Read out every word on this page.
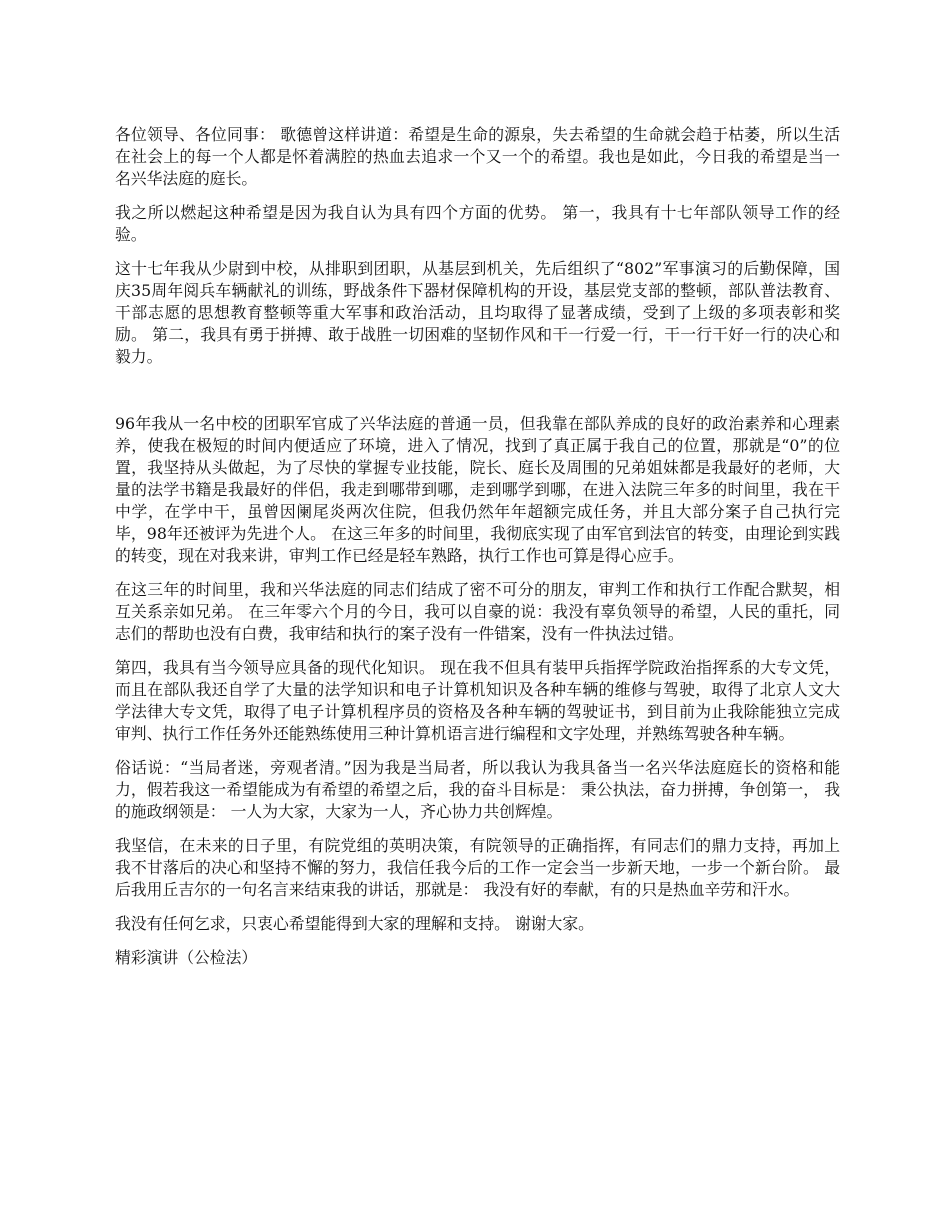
各位领导、各位同事： 歌德曾这样讲道：希望是生命的源泉，失去希望的生命就会趋于枯萎，所以生活在社会上的每一个人都是怀着满腔的热血去追求一个又一个的希望。我也是如此，今日我的希望是当一名兴华法庭的庭长。

我之所以燃起这种希望是因为我自认为具有四个方面的优势。 第一，我具有十七年部队领导工作的经验。

这十七年我从少尉到中校，从排职到团职，从基层到机关，先后组织了“802”军事演习的后勤保障，国庆35周年阅兵车辆献礼的训练，野战条件下器材保障机构的开设，基层党支部的整顿，部队普法教育、干部志愿的思想教育整顿等重大军事和政治活动，且均取得了显著成绩，受到了上级的多项表彰和奖励。 第二，我具有勇于拼搏、敢于战胜一切困难的坚韧作风和干一行爱一行，干一行干好一行的决心和毅力。

96年我从一名中校的团职军官成了兴华法庭的普通一员，但我靠在部队养成的良好的政治素养和心理素养，使我在极短的时间内便适应了环境，进入了情况，找到了真正属于我自己的位置，那就是“0”的位置，我坚持从头做起，为了尽快的掌握专业技能，院长、庭长及周围的兄弟姐妹都是我最好的老师，大量的法学书籍是我最好的伴侣，我走到哪带到哪，走到哪学到哪，在进入法院三年多的时间里，我在干中学，在学中干，虽曾因阑尾炎两次住院，但我仍然年年超额完成任务，并且大部分案子自己执行完毕，98年还被评为先进个人。 在这三年多的时间里，我彻底实现了由军官到法官的转变，由理论到实践的转变，现在对我来讲，审判工作已经是轻车熟路，执行工作也可算是得心应手。

在这三年的时间里，我和兴华法庭的同志们结成了密不可分的朋友，审判工作和执行工作配合默契，相互关系亲如兄弟。 在三年零六个月的今日，我可以自豪的说：我没有辜负领导的希望，人民的重托，同志们的帮助也没有白费，我审结和执行的案子没有一件错案，没有一件执法过错。

第四，我具有当今领导应具备的现代化知识。 现在我不但具有装甲兵指挥学院政治指挥系的大专文凭，而且在部队我还自学了大量的法学知识和电子计算机知识及各种车辆的维修与驾驶，取得了北京人文大学法律大专文凭，取得了电子计算机程序员的资格及各种车辆的驾驶证书，到目前为止我除能独立完成审判、执行工作任务外还能熟练使用三种计算机语言进行编程和文字处理，并熟练驾驶各种车辆。

俗话说：“当局者迷，旁观者清。”因为我是当局者，所以我认为我具备当一名兴华法庭庭长的资格和能力，假若我这一希望能成为有希望的希望之后，我的奋斗目标是： 秉公执法，奋力拼搏，争创第一， 我的施政纲领是： 一人为大家，大家为一人，齐心协力共创辉煌。

我坚信，在未来的日子里，有院党组的英明决策，有院领导的正确指挥，有同志们的鼎力支持，再加上我不甘落后的决心和坚持不懈的努力，我信任我今后的工作一定会当一步新天地，一步一个新台阶。 最后我用丘吉尔的一句名言来结束我的讲话，那就是： 我没有好的奉献，有的只是热血辛劳和汗水。

我没有任何乞求，只衷心希望能得到大家的理解和支持。 谢谢大家。

精彩演讲（公检法）
